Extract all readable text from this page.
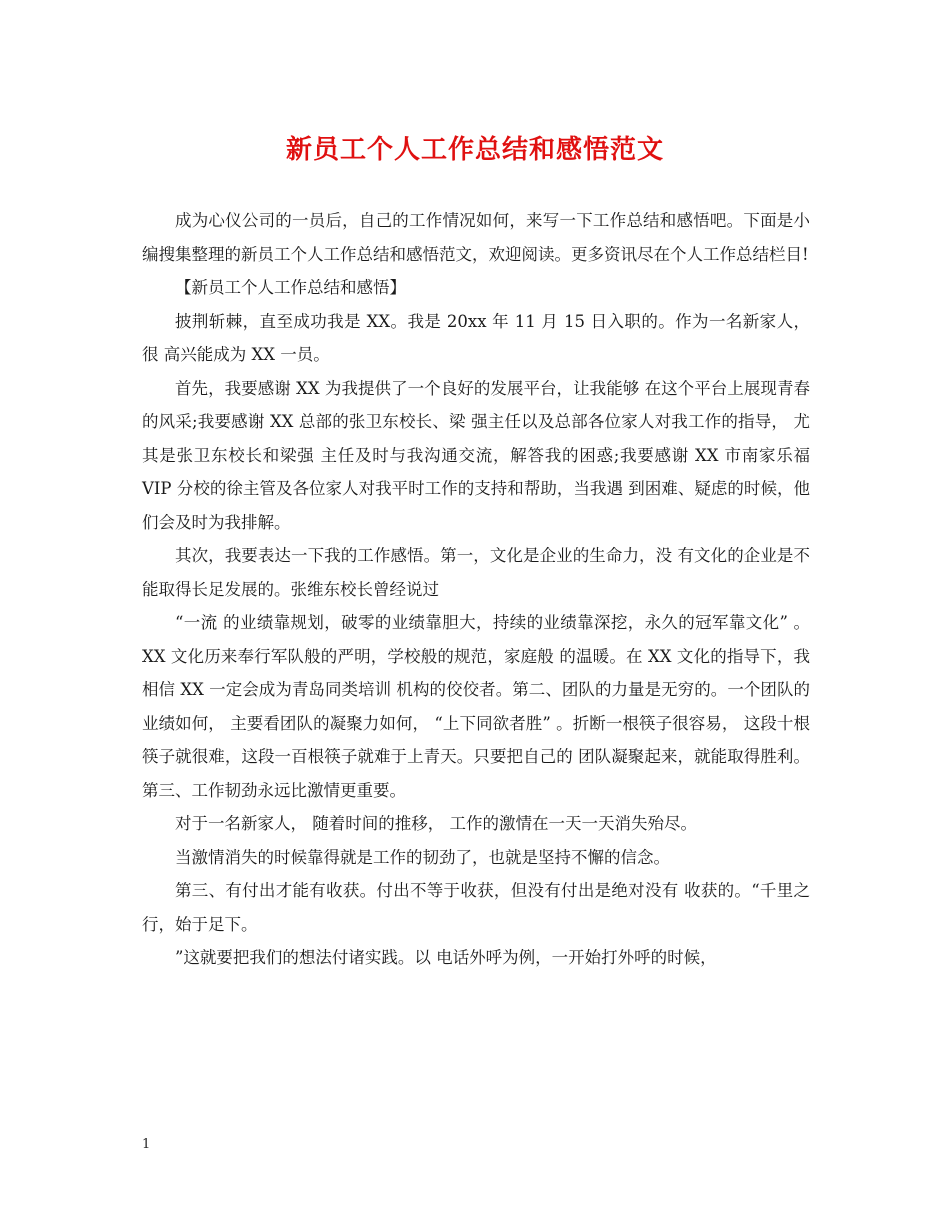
新员工个人工作总结和感悟范文

成为心仪公司的一员后，自己的工作情况如何，来写一下工作总结和感悟吧。下面是小编搜集整理的新员工个人工作总结和感悟范文，欢迎阅读。更多资讯尽在个人工作总结栏目!

【新员工个人工作总结和感悟】

披荆斩棘，直至成功我是 XX。我是 20xx 年 11 月 15 日入职的。作为一名新家人，很 高兴能成为 XX 一员。

首先，我要感谢 XX 为我提供了一个良好的发展平台，让我能够 在这个平台上展现青春的风采;我要感谢 XX 总部的张卫东校长、梁 强主任以及总部各位家人对我工作的指导， 尤其是张卫东校长和梁强 主任及时与我沟通交流，解答我的困惑;我要感谢 XX 市南家乐福 VIP 分校的徐主管及各位家人对我平时工作的支持和帮助，当我遇 到困难、疑虑的时候，他们会及时为我排解。

其次，我要表达一下我的工作感悟。第一，文化是企业的生命力，没 有文化的企业是不能取得长足发展的。张维东校长曾经说过

“一流 的业绩靠规划，破零的业绩靠胆大，持续的业绩靠深挖，永久的冠军靠文化” 。XX 文化历来奉行军队般的严明，学校般的规范，家庭般 的温暖。在 XX 文化的指导下，我相信 XX 一定会成为青岛同类培训 机构的佼佼者。第二、团队的力量是无穷的。一个团队的业绩如何， 主要看团队的凝聚力如何， “上下同欲者胜” 。折断一根筷子很容易， 这段十根筷子就很难，这段一百根筷子就难于上青天。只要把自己的 团队凝聚起来，就能取得胜利。第三、工作韧劲永远比激情更重要。

对于一名新家人， 随着时间的推移， 工作的激情在一天一天消失殆尽。

当激情消失的时候靠得就是工作的韧劲了，也就是坚持不懈的信念。

第三、有付出才能有收获。付出不等于收获，但没有付出是绝对没有 收获的。“千里之行，始于足下。

”这就要把我们的想法付诸实践。以 电话外呼为例，一开始打外呼的时候，

1
